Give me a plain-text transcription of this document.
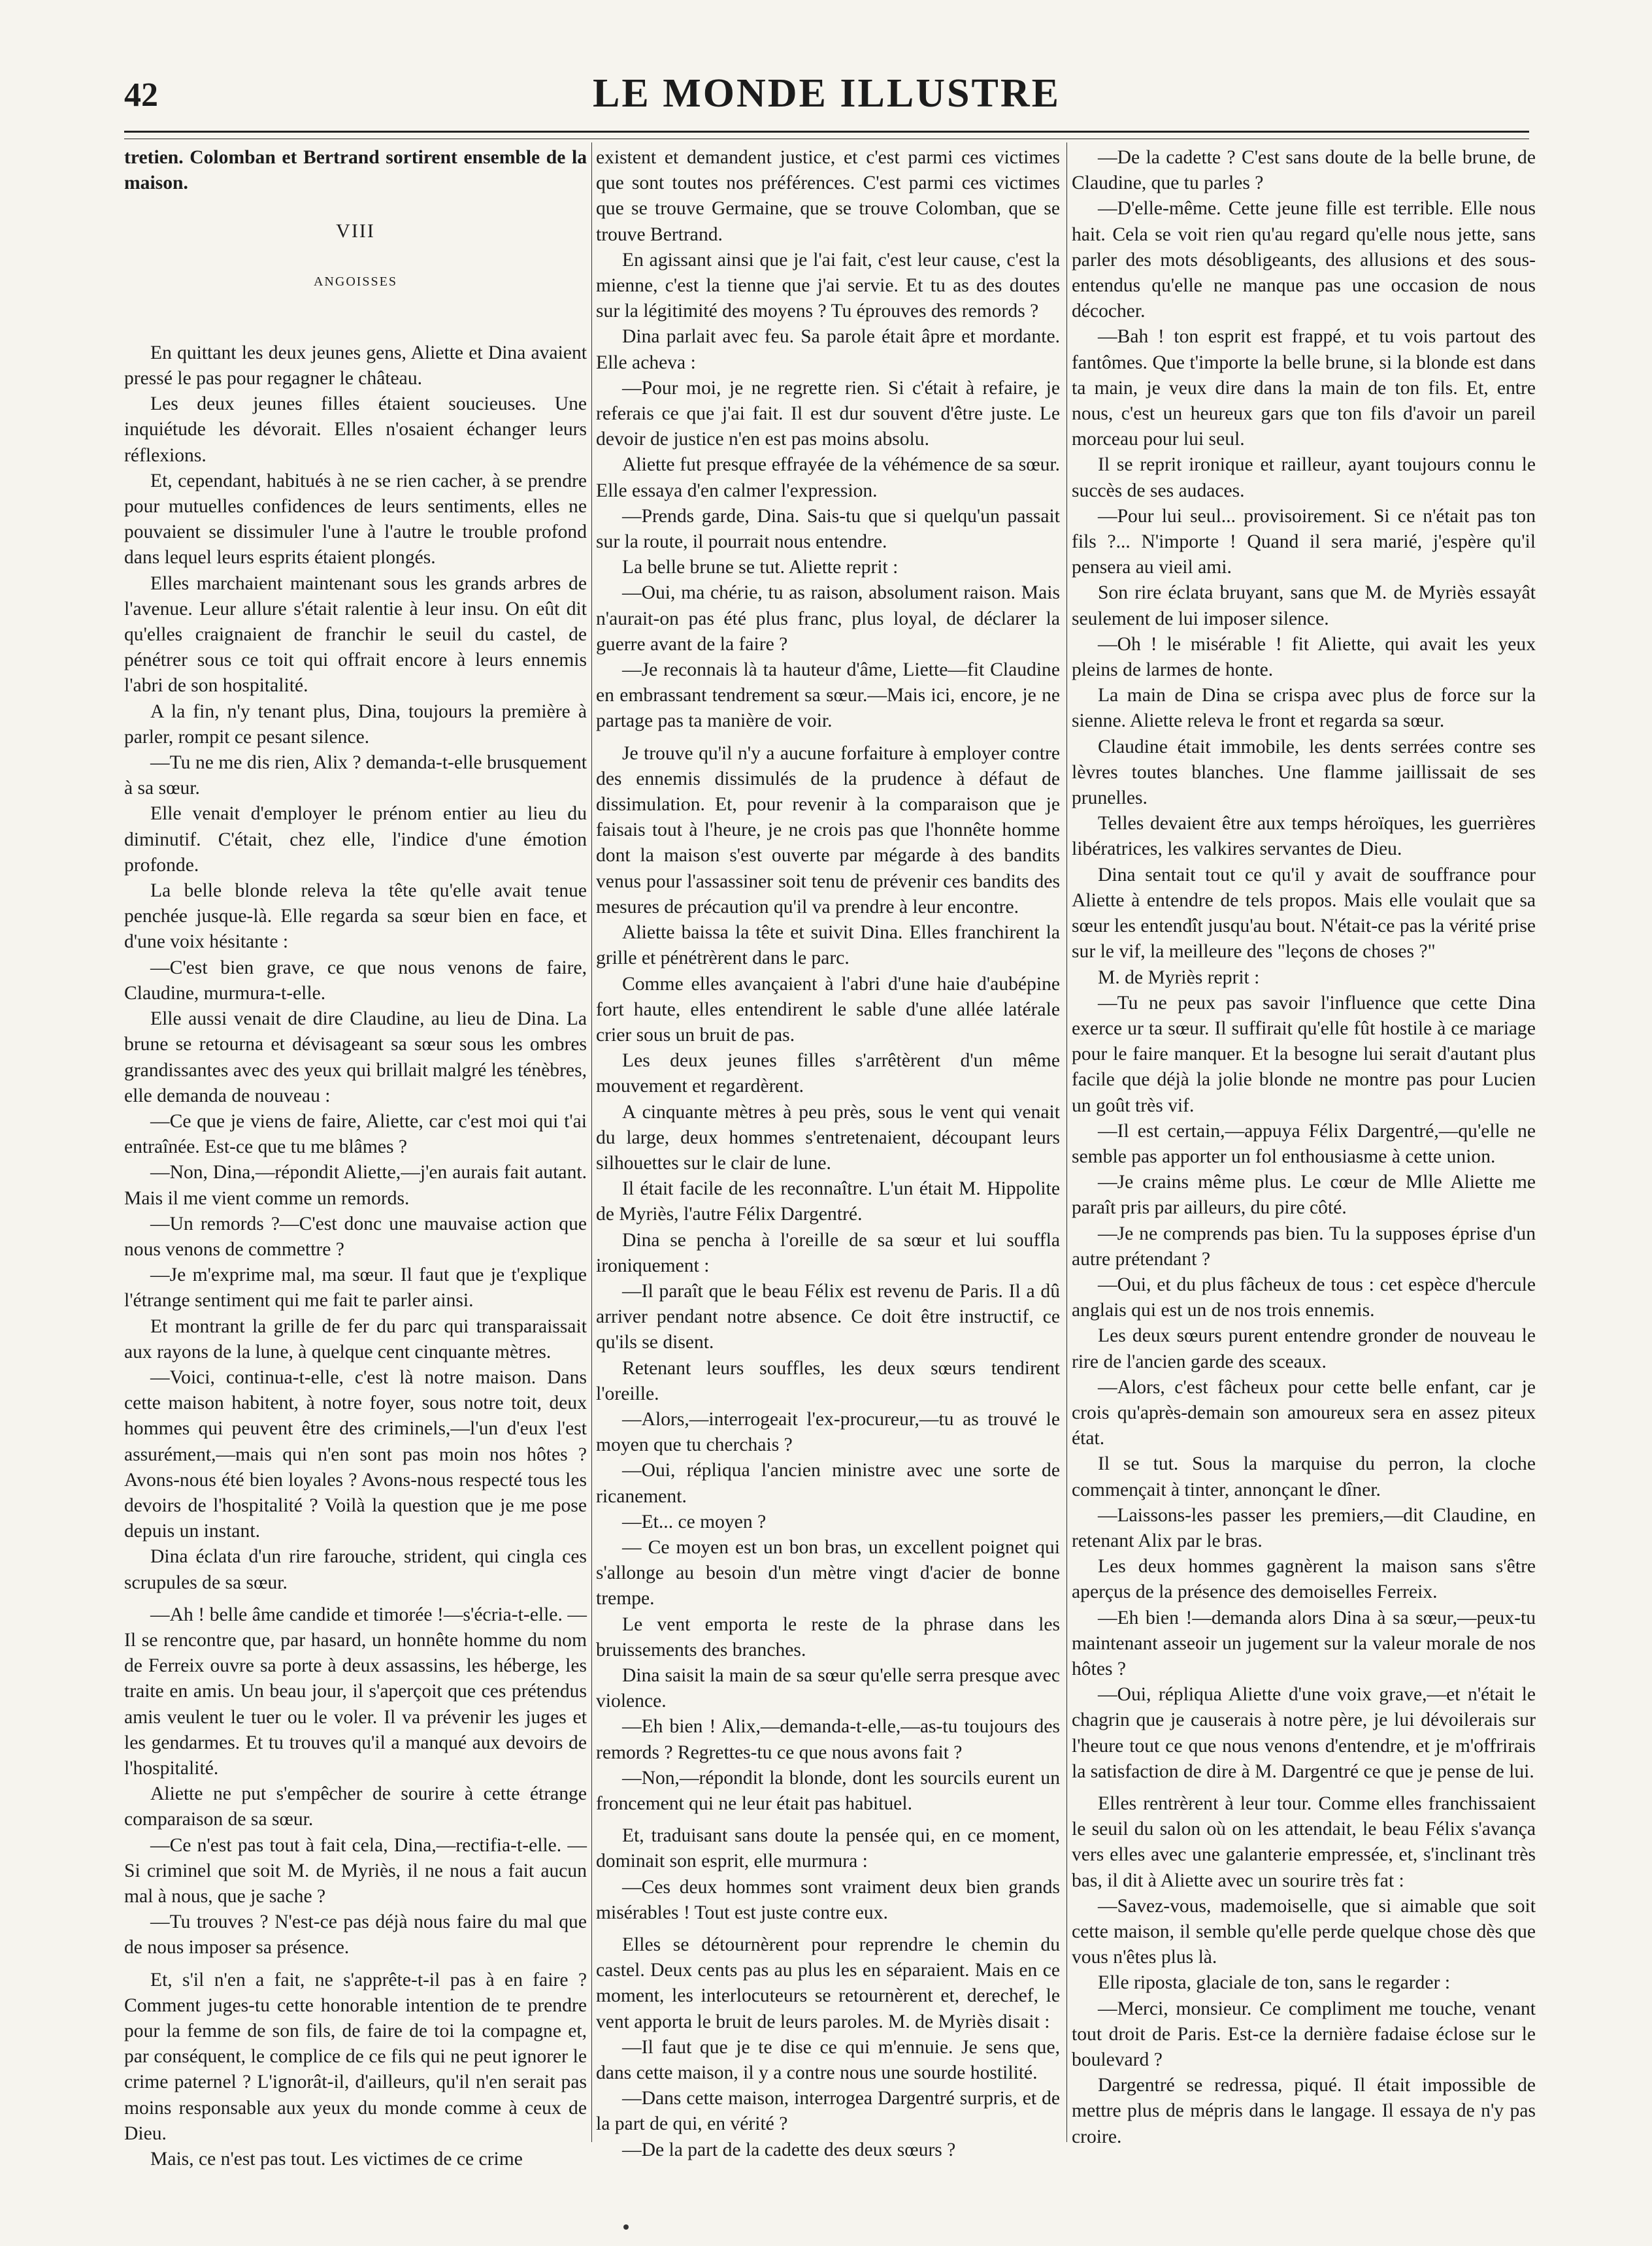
42	LE MONDE ILLUSTRE

tretien. Colomban et Bertrand sortirent ensemble de la maison.

VIII
ANGOISSES

En quittant les deux jeunes gens, Aliette et Dina avaient pressé le pas pour regagner le château.

Les deux jeunes filles étaient soucieuses. Une inquiétude les dévorait. Elles n'osaient échanger leurs réflexions.

Et, cependant, habitués à ne se rien cacher, à se prendre pour mutuelles confidences de leurs sentiments, elles ne pouvaient se dissimuler l'une à l'autre le trouble profond dans lequel leurs esprits étaient plongés.

Elles marchaient maintenant sous les grands arbres de l'avenue. Leur allure s'était ralentie à leur insu. On eût dit qu'elles craignaient de franchir le seuil du castel, de pénétrer sous ce toit qui offrait encore à leurs ennemis l'abri de son hospitalité.

A la fin, n'y tenant plus, Dina, toujours la première à parler, rompit ce pesant silence.

—Tu ne me dis rien, Alix ? demanda-t-elle brusquement à sa sœur.

Elle venait d'employer le prénom entier au lieu du diminutif. C'était, chez elle, l'indice d'une émotion profonde.

La belle blonde releva la tête qu'elle avait tenue penchée jusque-là. Elle regarda sa sœur bien en face, et d'une voix hésitante :

—C'est bien grave, ce que nous venons de faire, Claudine, murmura-t-elle.

Elle aussi venait de dire Claudine, au lieu de Dina. La brune se retourna et dévisageant sa sœur sous les ombres grandissantes avec des yeux qui brillait malgré les ténèbres, elle demanda de nouveau :

—Ce que je viens de faire, Aliette, car c'est moi qui t'ai entraînée. Est-ce que tu me blâmes ?

—Non, Dina,—répondit Aliette,—j'en aurais fait autant. Mais il me vient comme un remords.

—Un remords ?—C'est donc une mauvaise action que nous venons de commettre ?

—Je m'exprime mal, ma sœur. Il faut que je t'explique l'étrange sentiment qui me fait te parler ainsi.

Et montrant la grille de fer du parc qui transparaissait aux rayons de la lune, à quelque cent cinquante mètres.

—Voici, continua-t-elle, c'est là notre maison. Dans cette maison habitent, à notre foyer, sous notre toit, deux hommes qui peuvent être des criminels,—l'un d'eux l'est assurément,—mais qui n'en sont pas moin nos hôtes ? Avons-nous été bien loyales ? Avons-nous respecté tous les devoirs de l'hospitalité ? Voilà la question que je me pose depuis un instant.

Dina éclata d'un rire farouche, strident, qui cingla ces scrupules de sa sœur.

—Ah ! belle âme candide et timorée !—s'écria-t-elle. —Il se rencontre que, par hasard, un honnête homme du nom de Ferreix ouvre sa porte à deux assassins, les héberge, les traite en amis. Un beau jour, il s'aperçoit que ces prétendus amis veulent le tuer ou le voler. Il va prévenir les juges et les gendarmes. Et tu trouves qu'il a manqué aux devoirs de l'hospitalité.

Aliette ne put s'empêcher de sourire à cette étrange comparaison de sa sœur.

—Ce n'est pas tout à fait cela, Dina,—rectifia-t-elle. —Si criminel que soit M. de Myriès, il ne nous a fait aucun mal à nous, que je sache ?

—Tu trouves ? N'est-ce pas déjà nous faire du mal que de nous imposer sa présence.

Et, s'il n'en a fait, ne s'apprête-t-il pas à en faire ? Comment juges-tu cette honorable intention de te prendre pour la femme de son fils, de faire de toi la compagne et, par conséquent, le complice de ce fils qui ne peut ignorer le crime paternel ? L'ignorât-il, d'ailleurs, qu'il n'en serait pas moins responsable aux yeux du monde comme à ceux de Dieu.

Mais, ce n'est pas tout. Les victimes de ce crime

existent et demandent justice, et c'est parmi ces victimes que sont toutes nos préférences. C'est parmi ces victimes que se trouve Germaine, que se trouve Colomban, que se trouve Bertrand.

En agissant ainsi que je l'ai fait, c'est leur cause, c'est la mienne, c'est la tienne que j'ai servie. Et tu as des doutes sur la légitimité des moyens ? Tu éprouves des remords ?

Dina parlait avec feu. Sa parole était âpre et mordante. Elle acheva :

—Pour moi, je ne regrette rien. Si c'était à refaire, je referais ce que j'ai fait. Il est dur souvent d'être juste. Le devoir de justice n'en est pas moins absolu.

Aliette fut presque effrayée de la véhémence de sa sœur. Elle essaya d'en calmer l'expression.

—Prends garde, Dina. Sais-tu que si quelqu'un passait sur la route, il pourrait nous entendre.

La belle brune se tut. Aliette reprit :

—Oui, ma chérie, tu as raison, absolument raison. Mais n'aurait-on pas été plus franc, plus loyal, de déclarer la guerre avant de la faire ?

—Je reconnais là ta hauteur d'âme, Liette—fit Claudine en embrassant tendrement sa sœur.—Mais ici, encore, je ne partage pas ta manière de voir.

Je trouve qu'il n'y a aucune forfaiture à employer contre des ennemis dissimulés de la prudence à défaut de dissimulation. Et, pour revenir à la comparaison que je faisais tout à l'heure, je ne crois pas que l'honnête homme dont la maison s'est ouverte par mégarde à des bandits venus pour l'assassiner soit tenu de prévenir ces bandits des mesures de précaution qu'il va prendre à leur encontre.

Aliette baissa la tête et suivit Dina. Elles franchirent la grille et pénétrèrent dans le parc.

Comme elles avançaient à l'abri d'une haie d'aubépine fort haute, elles entendirent le sable d'une allée latérale crier sous un bruit de pas.

Les deux jeunes filles s'arrêtèrent d'un même mouvement et regardèrent.

A cinquante mètres à peu près, sous le vent qui venait du large, deux hommes s'entretenaient, découpant leurs silhouettes sur le clair de lune.

Il était facile de les reconnaître. L'un était M. Hippolite de Myriès, l'autre Félix Dargentré.

Dina se pencha à l'oreille de sa sœur et lui souffla ironiquement :

—Il paraît que le beau Félix est revenu de Paris. Il a dû arriver pendant notre absence. Ce doit être instructif, ce qu'ils se disent.

Retenant leurs souffles, les deux sœurs tendirent l'oreille.

—Alors,—interrogeait l'ex-procureur,—tu as trouvé le moyen que tu cherchais ?

—Oui, répliqua l'ancien ministre avec une sorte de ricanement.

—Et... ce moyen ?

— Ce moyen est un bon bras, un excellent poignet qui s'allonge au besoin d'un mètre vingt d'acier de bonne trempe.

Le vent emporta le reste de la phrase dans les bruissements des branches.

Dina saisit la main de sa sœur qu'elle serra presque avec violence.

—Eh bien ! Alix,—demanda-t-elle,—as-tu toujours des remords ? Regrettes-tu ce que nous avons fait ?

—Non,—répondit la blonde, dont les sourcils eurent un froncement qui ne leur était pas habituel.

Et, traduisant sans doute la pensée qui, en ce moment, dominait son esprit, elle murmura :

—Ces deux hommes sont vraiment deux bien grands misérables ! Tout est juste contre eux.

Elles se détournèrent pour reprendre le chemin du castel. Deux cents pas au plus les en séparaient. Mais en ce moment, les interlocuteurs se retournèrent et, derechef, le vent apporta le bruit de leurs paroles. M. de Myriès disait :

—Il faut que je te dise ce qui m'ennuie. Je sens que, dans cette maison, il y a contre nous une sourde hostilité.

—Dans cette maison, interrogea Dargentré surpris, et de la part de qui, en vérité ?

—De la part de la cadette des deux sœurs ?

—De la cadette ? C'est sans doute de la belle brune, de Claudine, que tu parles ?

—D'elle-même. Cette jeune fille est terrible. Elle nous hait. Cela se voit rien qu'au regard qu'elle nous jette, sans parler des mots désobligeants, des allusions et des sous-entendus qu'elle ne manque pas une occasion de nous décocher.

—Bah ! ton esprit est frappé, et tu vois partout des fantômes. Que t'importe la belle brune, si la blonde est dans ta main, je veux dire dans la main de ton fils. Et, entre nous, c'est un heureux gars que ton fils d'avoir un pareil morceau pour lui seul.

Il se reprit ironique et railleur, ayant toujours connu le succès de ses audaces.

—Pour lui seul... provisoirement. Si ce n'était pas ton fils ?... N'importe ! Quand il sera marié, j'espère qu'il pensera au vieil ami.

Son rire éclata bruyant, sans que M. de Myriès essayât seulement de lui imposer silence.

—Oh ! le misérable ! fit Aliette, qui avait les yeux pleins de larmes de honte.

La main de Dina se crispa avec plus de force sur la sienne. Aliette releva le front et regarda sa sœur.

Claudine était immobile, les dents serrées contre ses lèvres toutes blanches. Une flamme jaillissait de ses prunelles.

Telles devaient être aux temps héroïques, les guerrières libératrices, les valkires servantes de Dieu.

Dina sentait tout ce qu'il y avait de souffrance pour Aliette à entendre de tels propos. Mais elle voulait que sa sœur les entendît jusqu'au bout. N'était-ce pas la vérité prise sur le vif, la meilleure des "leçons de choses ?"

M. de Myriès reprit :

—Tu ne peux pas savoir l'influence que cette Dina exerce ur ta sœur. Il suffirait qu'elle fût hostile à ce mariage pour le faire manquer. Et la besogne lui serait d'autant plus facile que déjà la jolie blonde ne montre pas pour Lucien un goût très vif.

—Il est certain,—appuya Félix Dargentré,—qu'elle ne semble pas apporter un fol enthousiasme à cette union.

—Je crains même plus. Le cœur de Mlle Aliette me paraît pris par ailleurs, du pire côté.

—Je ne comprends pas bien. Tu la supposes éprise d'un autre prétendant ?

—Oui, et du plus fâcheux de tous : cet espèce d'hercule anglais qui est un de nos trois ennemis.

Les deux sœurs purent entendre gronder de nouveau le rire de l'ancien garde des sceaux.

—Alors, c'est fâcheux pour cette belle enfant, car je crois qu'après-demain son amoureux sera en assez piteux état.

Il se tut. Sous la marquise du perron, la cloche commençait à tinter, annonçant le dîner.

—Laissons-les passer les premiers,—dit Claudine, en retenant Alix par le bras.

Les deux hommes gagnèrent la maison sans s'être aperçus de la présence des demoiselles Ferreix.

—Eh bien !—demanda alors Dina à sa sœur,—peux-tu maintenant asseoir un jugement sur la valeur morale de nos hôtes ?

—Oui, répliqua Aliette d'une voix grave,—et n'était le chagrin que je causerais à notre père, je lui dévoilerais sur l'heure tout ce que nous venons d'entendre, et je m'offrirais la satisfaction de dire à M. Dargentré ce que je pense de lui.

Elles rentrèrent à leur tour. Comme elles franchissaient le seuil du salon où on les attendait, le beau Félix s'avança vers elles avec une galanterie empressée, et, s'inclinant très bas, il dit à Aliette avec un sourire très fat :

—Savez-vous, mademoiselle, que si aimable que soit cette maison, il semble qu'elle perde quelque chose dès que vous n'êtes plus là.

Elle riposta, glaciale de ton, sans le regarder :

—Merci, monsieur. Ce compliment me touche, venant tout droit de Paris. Est-ce la dernière fadaise éclose sur le boulevard ?

Dargentré se redressa, piqué. Il était impossible de mettre plus de mépris dans le langage. Il essaya de n'y pas croire.
